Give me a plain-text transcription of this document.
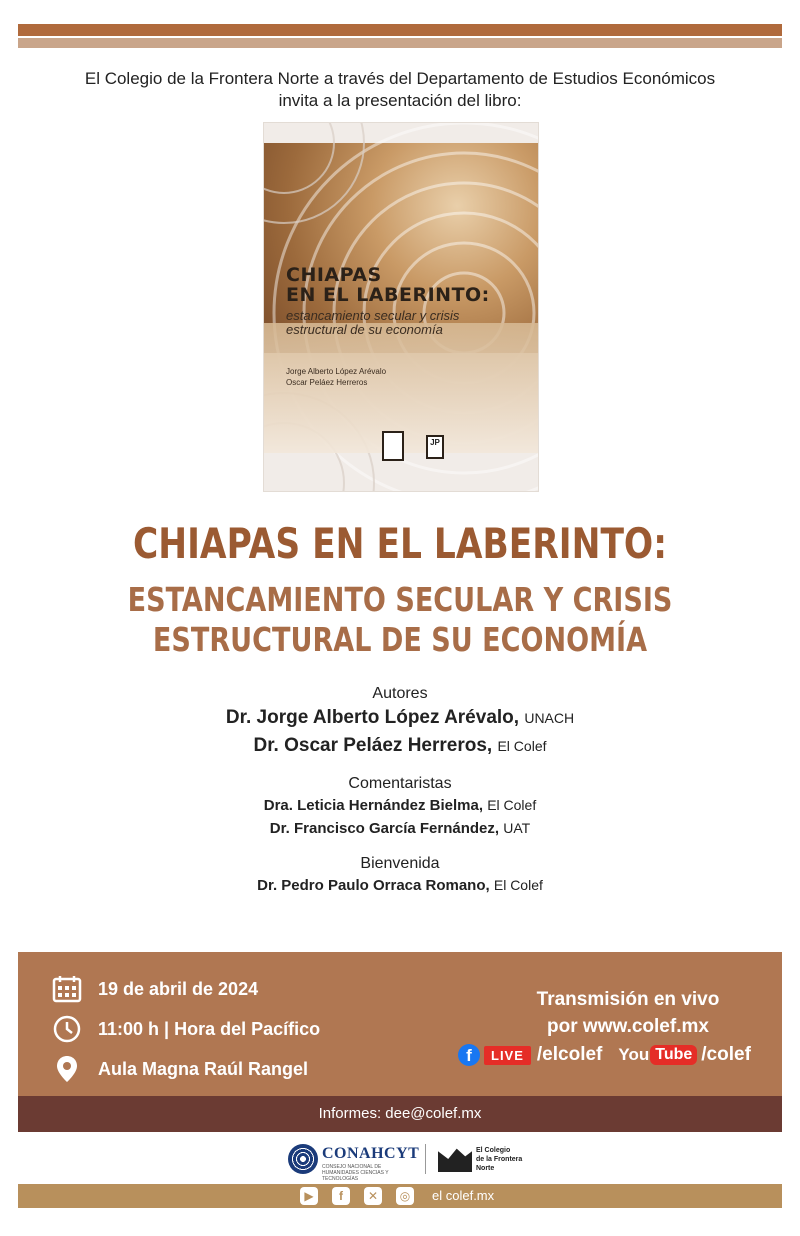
El Colegio de la Frontera Norte a través del Departamento de Estudios Económicos
invita a la presentación del libro:
CHIAPAS
EN EL LABERINTO:
estancamiento secular y crisis
estructural de su economía
Jorge Alberto López Arévalo
Oscar Peláez Herreros
JP
CHIAPAS EN EL LABERINTO:
ESTANCAMIENTO SECULAR Y CRISIS
ESTRUCTURAL DE SU ECONOMÍA
Autores
Dr. Jorge Alberto López Arévalo, UNACH
Dr. Oscar Peláez Herreros, El Colef
Comentaristas
Dra. Leticia Hernández Bielma, El Colef
Dr. Francisco García Fernández, UAT
Bienvenida
Dr. Pedro Paulo Orraca Romano, El Colef
19 de abril de 2024
11:00 h | Hora del Pacífico
Aula Magna Raúl Rangel
Transmisión en vivo
por www.colef.mx
f	LIVE /elcolef You Tube /colef
Informes: dee@colef.mx
CONAHCYT
CONSEJO NACIONAL DE HUMANIDADES CIENCIAS Y TECNOLOGÍAS
El Colegio
de la Frontera
Norte
▶	f	✕	◎ el colef.mx
